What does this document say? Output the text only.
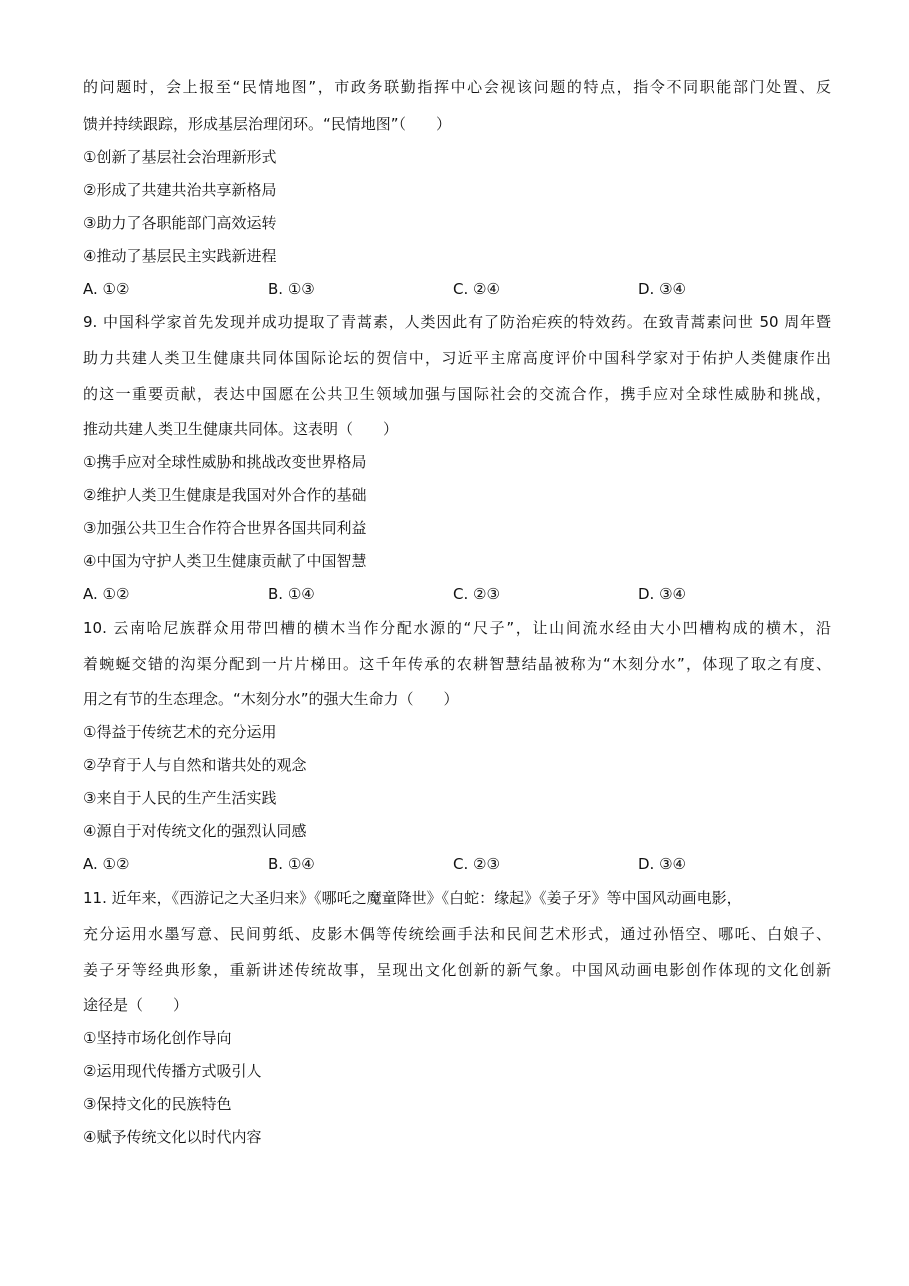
的问题时，会上报至“民情地图”，市政务联勤指挥中心会视该问题的特点，指令不同职能部门处置、反
馈并持续跟踪，形成基层治理闭环。“民情地图”（　　）
①创新了基层社会治理新形式
②形成了共建共治共享新格局
③助力了各职能部门高效运转
④推动了基层民主实践新进程
A. ①②	B. ①③	C. ②④	D. ③④
9. 中国科学家首先发现并成功提取了青蒿素，人类因此有了防治疟疾的特效药。在致青蒿素问世 50 周年暨
助力共建人类卫生健康共同体国际论坛的贺信中，习近平主席高度评价中国科学家对于佑护人类健康作出
的这一重要贡献，表达中国愿在公共卫生领域加强与国际社会的交流合作，携手应对全球性威胁和挑战，
推动共建人类卫生健康共同体。这表明（　　）
①携手应对全球性威胁和挑战改变世界格局
②维护人类卫生健康是我国对外合作的基础
③加强公共卫生合作符合世界各国共同利益
④中国为守护人类卫生健康贡献了中国智慧
A. ①②	B. ①④	C. ②③	D. ③④
10. 云南哈尼族群众用带凹槽的横木当作分配水源的“尺子”，让山间流水经由大小凹槽构成的横木，沿
着蜿蜒交错的沟渠分配到一片片梯田。这千年传承的农耕智慧结晶被称为“木刻分水”，体现了取之有度、
用之有节的生态理念。“木刻分水”的强大生命力（　　）
①得益于传统艺术的充分运用
②孕育于人与自然和谐共处的观念
③来自于人民的生产生活实践
④源自于对传统文化的强烈认同感
A. ①②	B. ①④	C. ②③	D. ③④
11. 近年来，《西游记之大圣归来》《哪吒之魔童降世》《白蛇：缘起》《姜子牙》等中国风动画电影，
充分运用水墨写意、民间剪纸、皮影木偶等传统绘画手法和民间艺术形式，通过孙悟空、哪吒、白娘子、
姜子牙等经典形象，重新讲述传统故事，呈现出文化创新的新气象。中国风动画电影创作体现的文化创新
途径是（　　）
①坚持市场化创作导向
②运用现代传播方式吸引人
③保持文化的民族特色
④赋予传统文化以时代内容
